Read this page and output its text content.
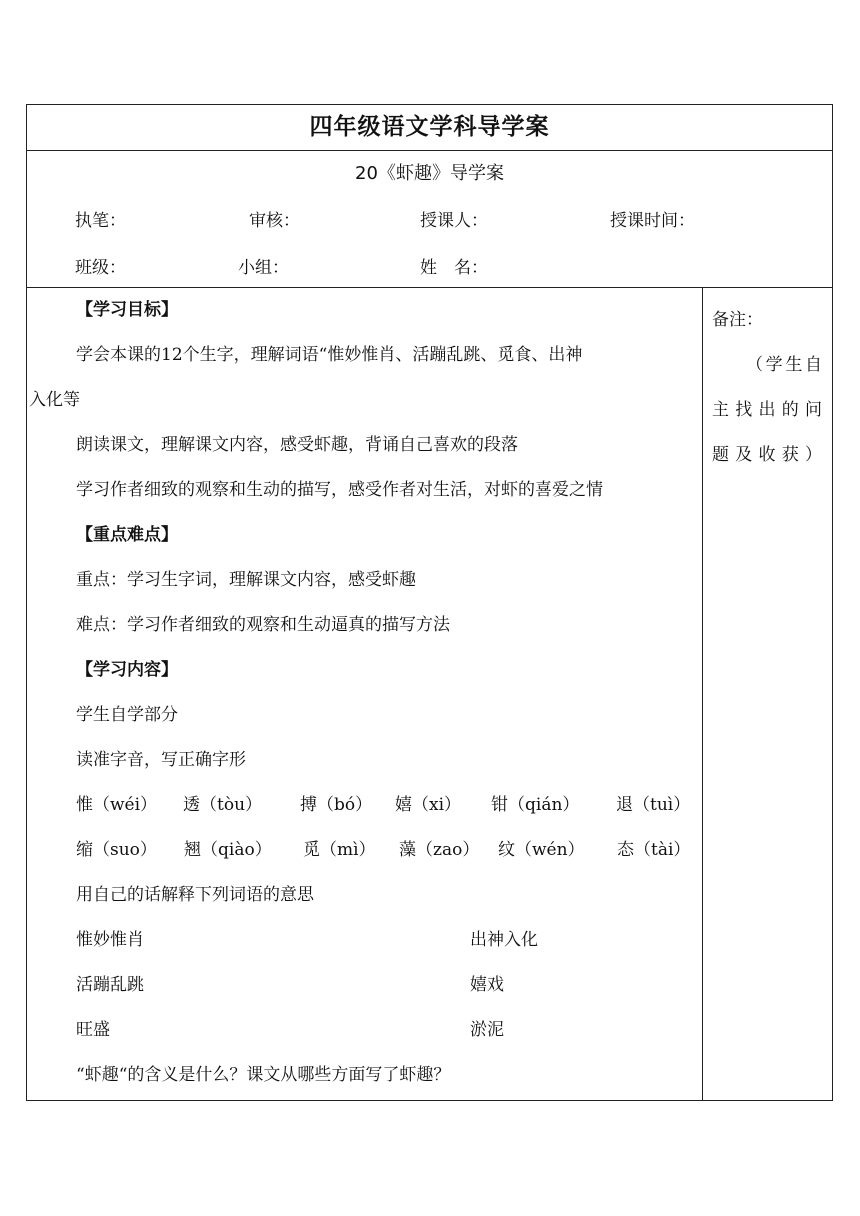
四年级语文学科导学案

20《虾趣》导学案
执笔：	审核：	授课人：	授课时间：
班级：	小组：	姓　名：

【学习目标】
学会本课的12个生字，理解词语“惟妙惟肖、活蹦乱跳、觅食、出神
入化等
朗读课文，理解课文内容，感受虾趣，背诵自己喜欢的段落
学习作者细致的观察和生动的描写，感受作者对生活，对虾的喜爱之情
【重点难点】
重点：学习生字词，理解课文内容，感受虾趣
难点：学习作者细致的观察和生动逼真的描写方法
【学习内容】
学生自学部分
读准字音，写正确字形
惟（wéi） 透（tòu） 搏（bó） 嬉（xi） 钳（qián） 退（tuì）
缩（suo） 翘（qiào） 觅（mì） 藻（zao） 纹（wén） 态（tài）
用自己的话解释下列词语的意思
惟妙惟肖	出神入化
活蹦乱跳	嬉戏
旺盛	淤泥
“虾趣“的含义是什么？课文从哪些方面写了虾趣？

备注：
（学生自主找出的问题及收获）
